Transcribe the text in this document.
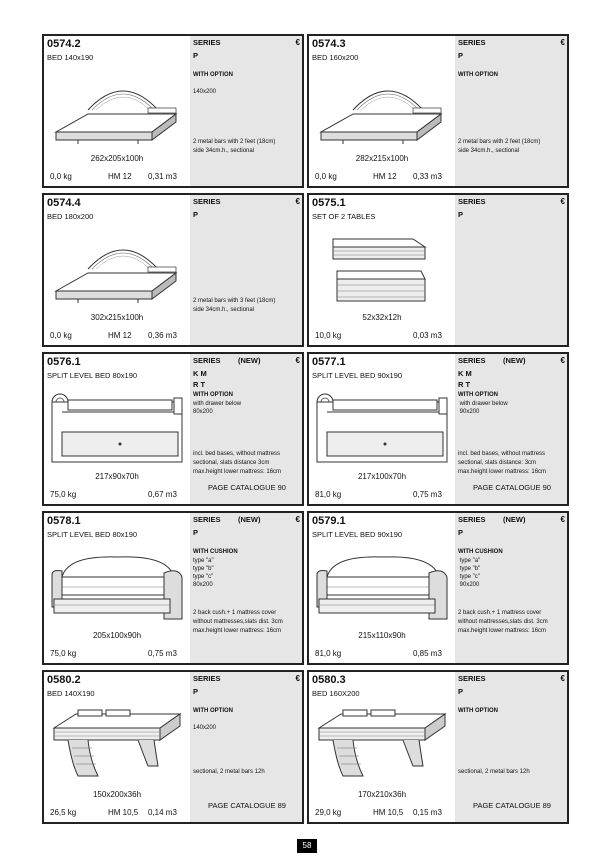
0574.2
BED 140x190
262x205x100h
0,0 kg	HM 12 0,31 m3
SERIES	€
P
WITH OPTION

140x200
2 metal bars with 2 feet (18cm)
side 34cm.h., sectional
0574.3
BED 160x200
282x215x100h
0,0 kg	HM 12 0,33 m3
SERIES	€
P
WITH OPTION
2 metal bars with 2 feet (18cm)
side 34cm.h., sectional
0574.4
BED 180x200
302x215x100h
0,0 kg	HM 12 0,36 m3
SERIES	€
P
2 metal bars with 3 feet (18cm)
side 34cm.h., sectional
0575.1
SET OF 2 TABLES
52x32x12h
10,0 kg	0,03 m3
SERIES	€
P
0576.1
SPLIT LEVEL BED 80x190
217x90x70h
75,0 kg	0,67 m3
SERIES (NEW)	€
K M
R T
WITH OPTION
with drawer below
80x200
incl. bed bases, without mattress
sectional, slats distance 3cm
max.height lower mattress: 16cm
PAGE CATALOGUE 90
0577.1
SPLIT LEVEL BED 90x190
217x100x70h
81,0 kg	0,75 m3
SERIES (NEW)	€
K M
R T
WITH OPTION
with drawer below
90x200
incl. bed bases, without mattress
sectional, slats distance: 3cm
max.height lower mattress: 16cm
PAGE CATALOGUE 90
0578.1
SPLIT LEVEL BED 80x190
205x100x90h
75,0 kg	0,75 m3
SERIES (NEW)	€
P
WITH CUSHION
type "a"
type "b"
type "c"
80x200
2 back cush.+ 1 mattress cover
without mattresses,slats dist. 3cm
max.height lower mattress: 16cm
0579.1
SPLIT LEVEL BED 90x190
215x110x90h
81,0 kg	0,85 m3
SERIES (NEW)	€
P
WITH CUSHION
type "a"
type "b"
type "c"
90x200
2 back cush.+ 1 mattress cover
without mattresses,slats dist. 3cm
max.height lower mattress: 16cm
0580.2
BED 140X190
150x200x36h
26,5 kg	HM 10,5 0,14 m3
SERIES	€
P
WITH OPTION

140x200
sectional, 2 metal bars 12h
PAGE CATALOGUE 89
0580.3
BED 160X200
170x210x36h
29,0 kg	HM 10,5 0,15 m3
SERIES	€
P
WITH OPTION
sectional, 2 metal bars 12h
PAGE CATALOGUE 89
58
